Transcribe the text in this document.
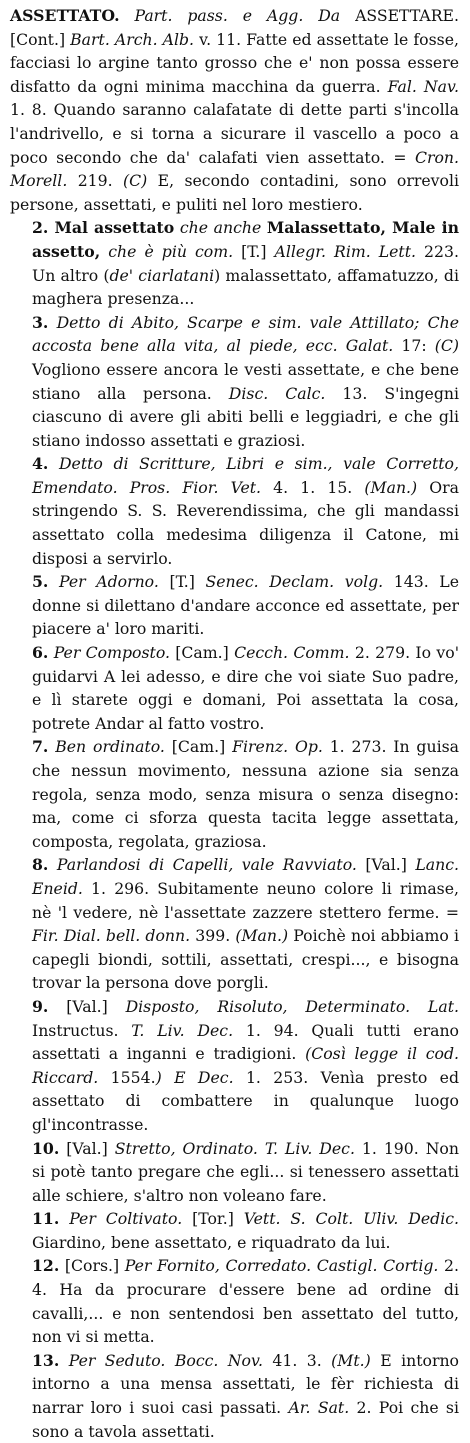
ASSETTATO. Part. pass. e Agg. Da ASSETTARE. [Cont.] Bart. Arch. Alb. v. 11. Fatte ed assettate le fosse, facciasi lo argine tanto grosso che e' non possa essere disfatto da ogni minima macchina da guerra. Fal. Nav. 1. 8. Quando saranno calafatate di dette parti s'incolla l'andrivello, e si torna a sicurare il vascello a poco a poco secondo che da' calafati vien assettato. = Cron. Morell. 219. (C) E, secondo contadini, sono orrevoli persone, assettati, e puliti nel loro mestiero.

2. Mal assettato che anche Malassettato, Male in assetto, che è più com. [T.] Allegr. Rim. Lett. 223. Un altro (de' ciarlatani) malassettato, affamatuzzo, di maghera presenza...

3. Detto di Abito, Scarpe e sim. vale Attillato; Che accosta bene alla vita, al piede, ecc. Galat. 17: (C) Vogliono essere ancora le vesti assettate, e che bene stiano alla persona. Disc. Calc. 13. S'ingegni ciascuno di avere gli abiti belli e leggiadri, e che gli stiano indosso assettati e graziosi.

4. Detto di Scritture, Libri e sim., vale Corretto, Emendato. Pros. Fior. Vet. 4. 1. 15. (Man.) Ora stringendo S. S. Reverendissima, che gli mandassi assettato colla medesima diligenza il Catone, mi disposi a servirlo.

5. Per Adorno. [T.] Senec. Declam. volg. 143. Le donne si dilettano d'andare acconce ed assettate, per piacere a' loro mariti.

6. Per Composto. [Cam.] Cecch. Comm. 2. 279. Io vo' guidarvi A lei adesso, e dire che voi siate Suo padre, e lì starete oggi e domani, Poi assettata la cosa, potrete Andar al fatto vostro.

7. Ben ordinato. [Cam.] Firenz. Op. 1. 273. In guisa che nessun movimento, nessuna azione sia senza regola, senza modo, senza misura o senza disegno: ma, come ci sforza questa tacita legge assettata, composta, regolata, graziosa.

8. Parlandosi di Capelli, vale Ravviato. [Val.] Lanc. Eneid. 1. 296. Subitamente neuno colore li rimase, nè 'l vedere, nè l'assettate zazzere stettero ferme. = Fir. Dial. bell. donn. 399. (Man.) Poichè noi abbiamo i capegli biondi, sottili, assettati, crespi..., e bisogna trovar la persona dove porgli.

9. [Val.] Disposto, Risoluto, Determinato. Lat. Instructus. T. Liv. Dec. 1. 94. Quali tutti erano assettati a inganni e tradigioni. (Così legge il cod. Riccard. 1554.) E Dec. 1. 253. Venìa presto ed assettato di combattere in qualunque luogo gl'incontrasse.

10. [Val.] Stretto, Ordinato. T. Liv. Dec. 1. 190. Non si potè tanto pregare che egli... si tenessero assettati alle schiere, s'altro non voleano fare.

11. Per Coltivato. [Tor.] Vett. S. Colt. Uliv. Dedic. Giardino, bene assettato, e riquadrato da lui.

12. [Cors.] Per Fornito, Corredato. Castigl. Cortig. 2. 4. Ha da procurare d'essere bene ad ordine di cavalli,... e non sentendosi ben assettato del tutto, non vi si metta.

13. Per Seduto. Bocc. Nov. 41. 3. (Mt.) E intorno intorno a una mensa assettati, le fèr richiesta di narrar loro i suoi casi passati. Ar. Sat. 2. Poi che si sono a tavola assettati.
